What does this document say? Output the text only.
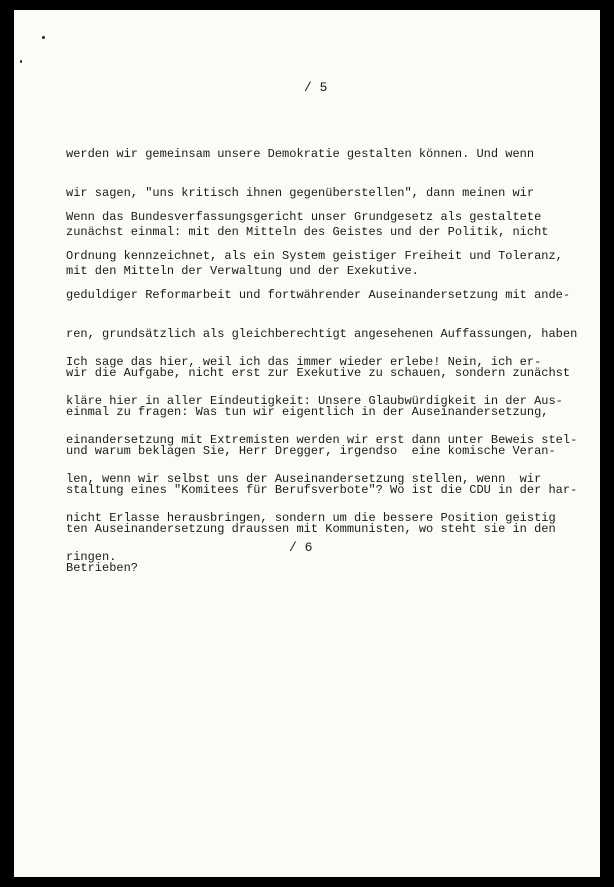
/ 5

werden wir gemeinsam unsere Demokratie gestalten können. Und wenn

wir sagen, "uns kritisch ihnen gegenüberstellen", dann meinen wir

zunächst einmal: mit den Mitteln des Geistes und der Politik, nicht

mit den Mitteln der Verwaltung und der Exekutive.

Wenn das Bundesverfassungsgericht unser Grundgesetz als gestaltete

Ordnung kennzeichnet, als ein System geistiger Freiheit und Toleranz,

geduldiger Reformarbeit und fortwährender Auseinandersetzung mit ande-

ren, grundsätzlich als gleichberechtigt angesehenen Auffassungen, haben

wir die Aufgabe, nicht erst zur Exekutive zu schauen, sondern zunächst

einmal zu fragen: Was tun wir eigentlich in der Auseinandersetzung,

und warum beklagen Sie, Herr Dregger, irgendso  eine komische Veran-

staltung eines "Komitees für Berufsverbote"? Wo ist die CDU in der har-

ten Auseinandersetzung draussen mit Kommunisten, wo steht sie in den

Betrieben?

Ich sage das hier, weil ich das immer wieder erlebe! Nein, ich er-

kläre hier in aller Eindeutigkeit: Unsere Glaubwürdigkeit in der Aus-

einandersetzung mit Extremisten werden wir erst dann unter Beweis stel-

len, wenn wir selbst uns der Auseinandersetzung stellen, wenn  wir

nicht Erlasse herausbringen, sondern um die bessere Position geistig

ringen.

/ 6
